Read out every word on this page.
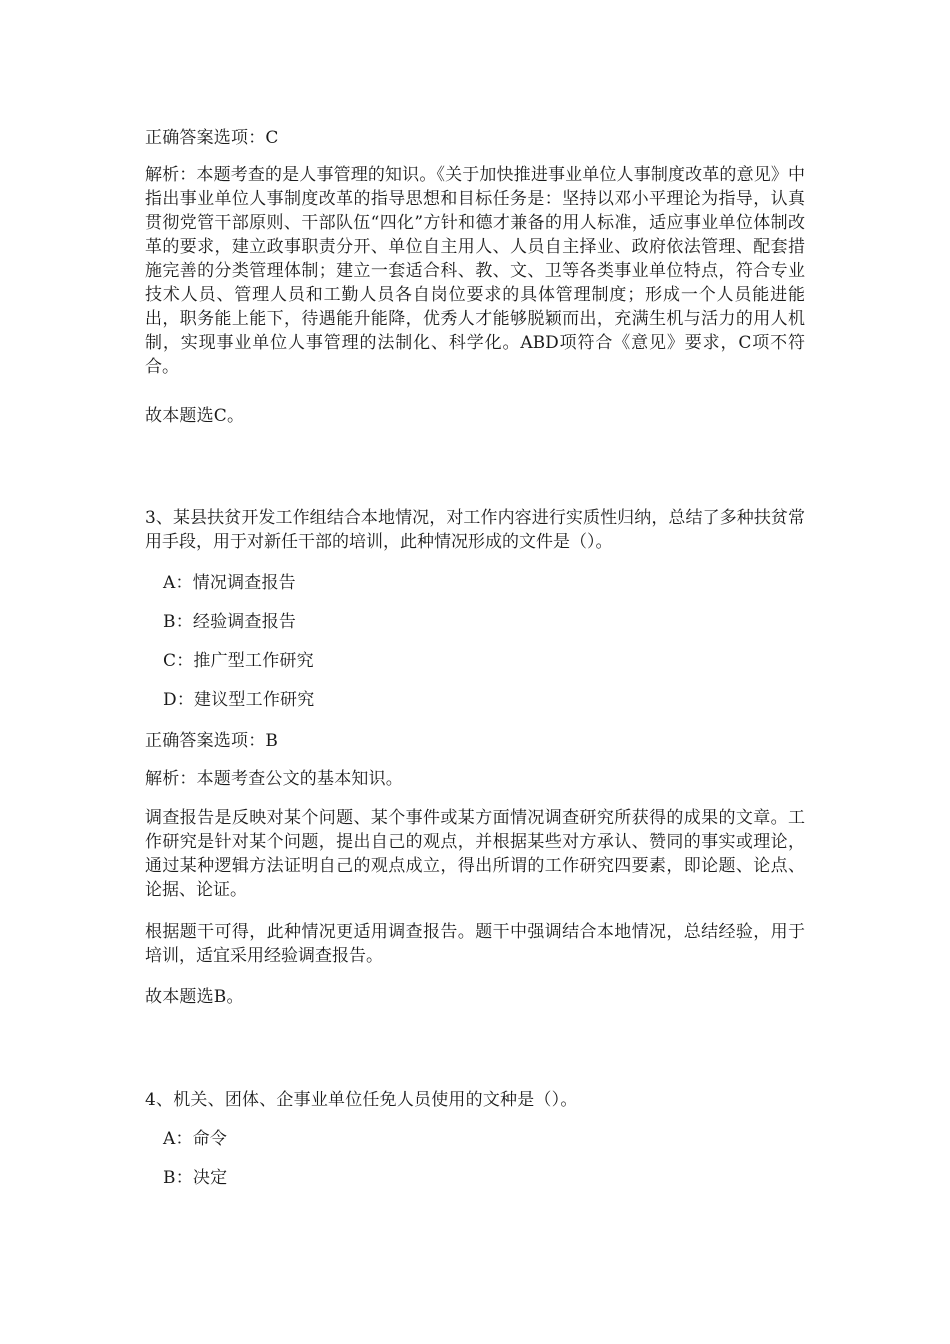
正确答案选项：C
解析：本题考查的是人事管理的知识。《关于加快推进事业单位人事制度改革的意见》中指出事业单位人事制度改革的指导思想和目标任务是：坚持以邓小平理论为指导，认真贯彻党管干部原则、干部队伍“四化”方针和德才兼备的用人标准，适应事业单位体制改革的要求，建立政事职责分开、单位自主用人、人员自主择业、政府依法管理、配套措施完善的分类管理体制；建立一套适合科、教、文、卫等各类事业单位特点，符合专业技术人员、管理人员和工勤人员各自岗位要求的具体管理制度；形成一个人员能进能出，职务能上能下，待遇能升能降，优秀人才能够脱颖而出，充满生机与活力的用人机制，实现事业单位人事管理的法制化、科学化。ABD项符合《意见》要求，C项不符合。
故本题选C。
3、某县扶贫开发工作组结合本地情况，对工作内容进行实质性归纳，总结了多种扶贫常用手段，用于对新任干部的培训，此种情况形成的文件是（）。
A：情况调查报告
B：经验调查报告
C：推广型工作研究
D：建议型工作研究
正确答案选项：B
解析：本题考查公文的基本知识。
调查报告是反映对某个问题、某个事件或某方面情况调查研究所获得的成果的文章。工作研究是针对某个问题，提出自己的观点，并根据某些对方承认、赞同的事实或理论，通过某种逻辑方法证明自己的观点成立，得出所谓的工作研究四要素，即论题、论点、论据、论证。
根据题干可得，此种情况更适用调查报告。题干中强调结合本地情况，总结经验，用于培训，适宜采用经验调查报告。
故本题选B。
4、机关、团体、企事业单位任免人员使用的文种是（）。
A：命令
B：决定
